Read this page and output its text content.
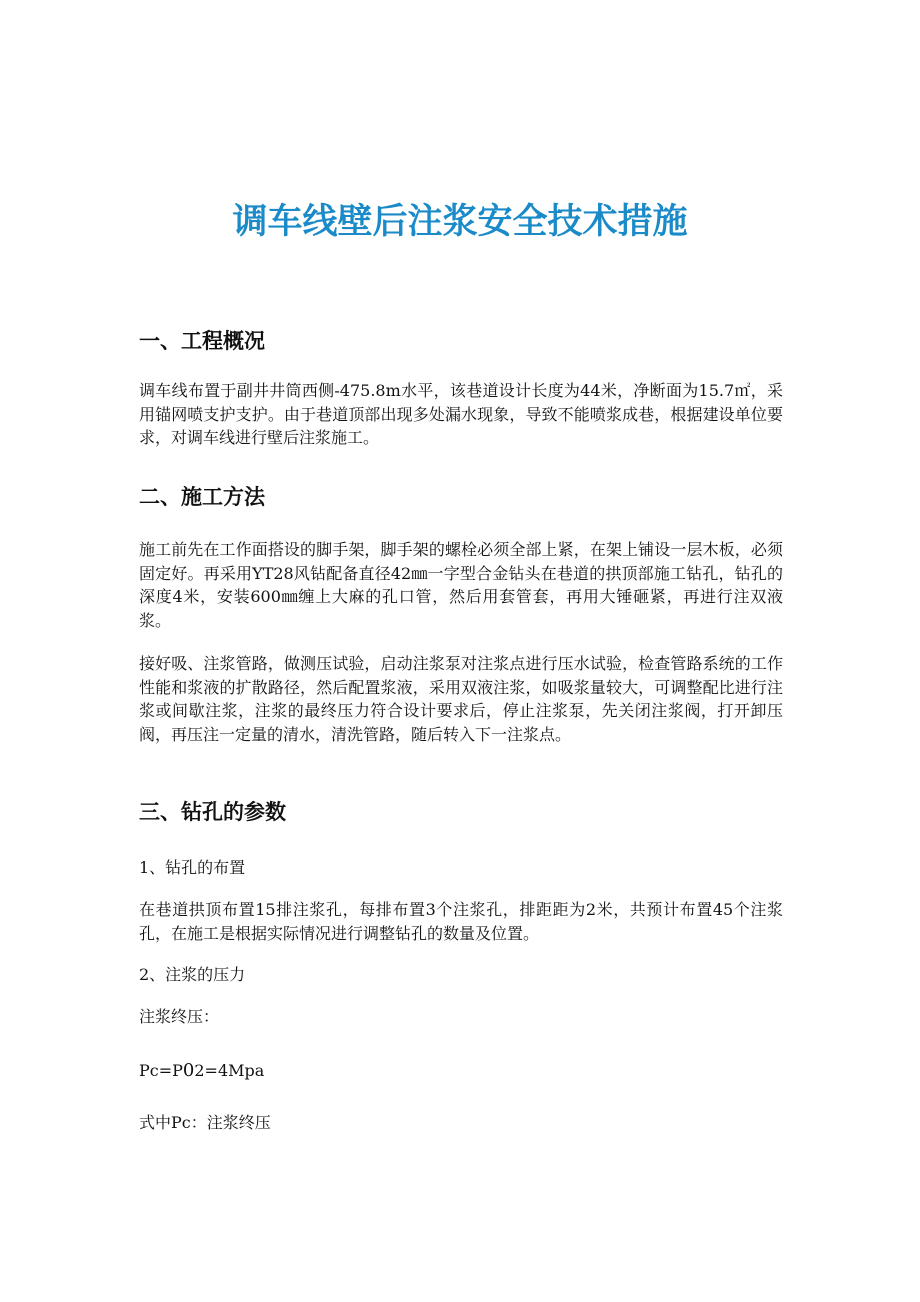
调车线壁后注浆安全技术措施
一、工程概况

调车线布置于副井井筒西侧-475.8m水平，该巷道设计长度为44米，净断面为15.7㎡，采用锚网喷支护支护。由于巷道顶部出现多处漏水现象，导致不能喷浆成巷，根据建设单位要求，对调车线进行壁后注浆施工。

二、施工方法

施工前先在工作面搭设的脚手架，脚手架的螺栓必须全部上紧，在架上铺设一层木板，必须固定好。再采用YT28风钻配备直径42㎜一字型合金钻头在巷道的拱顶部施工钻孔，钻孔的深度4米，安装600㎜缠上大麻的孔口管，然后用套管套，再用大锤砸紧，再进行注双液浆。

接好吸、注浆管路，做测压试验，启动注浆泵对注浆点进行压水试验，检查管路系统的工作性能和浆液的扩散路径，然后配置浆液，采用双液注浆，如吸浆量较大，可调整配比进行注浆或间歇注浆，注浆的最终压力符合设计要求后，停止注浆泵，先关闭注浆阀，打开卸压阀，再压注一定量的清水，清洗管路，随后转入下一注浆点。

三、钻孔的参数

1、钻孔的布置

在巷道拱顶布置15排注浆孔，每排布置3个注浆孔，排距距为2米，共预计布置45个注浆孔，在施工是根据实际情况进行调整钻孔的数量及位置。

2、注浆的压力

注浆终压：

Pc=P02=4Mpa

式中Pc：注浆终压
